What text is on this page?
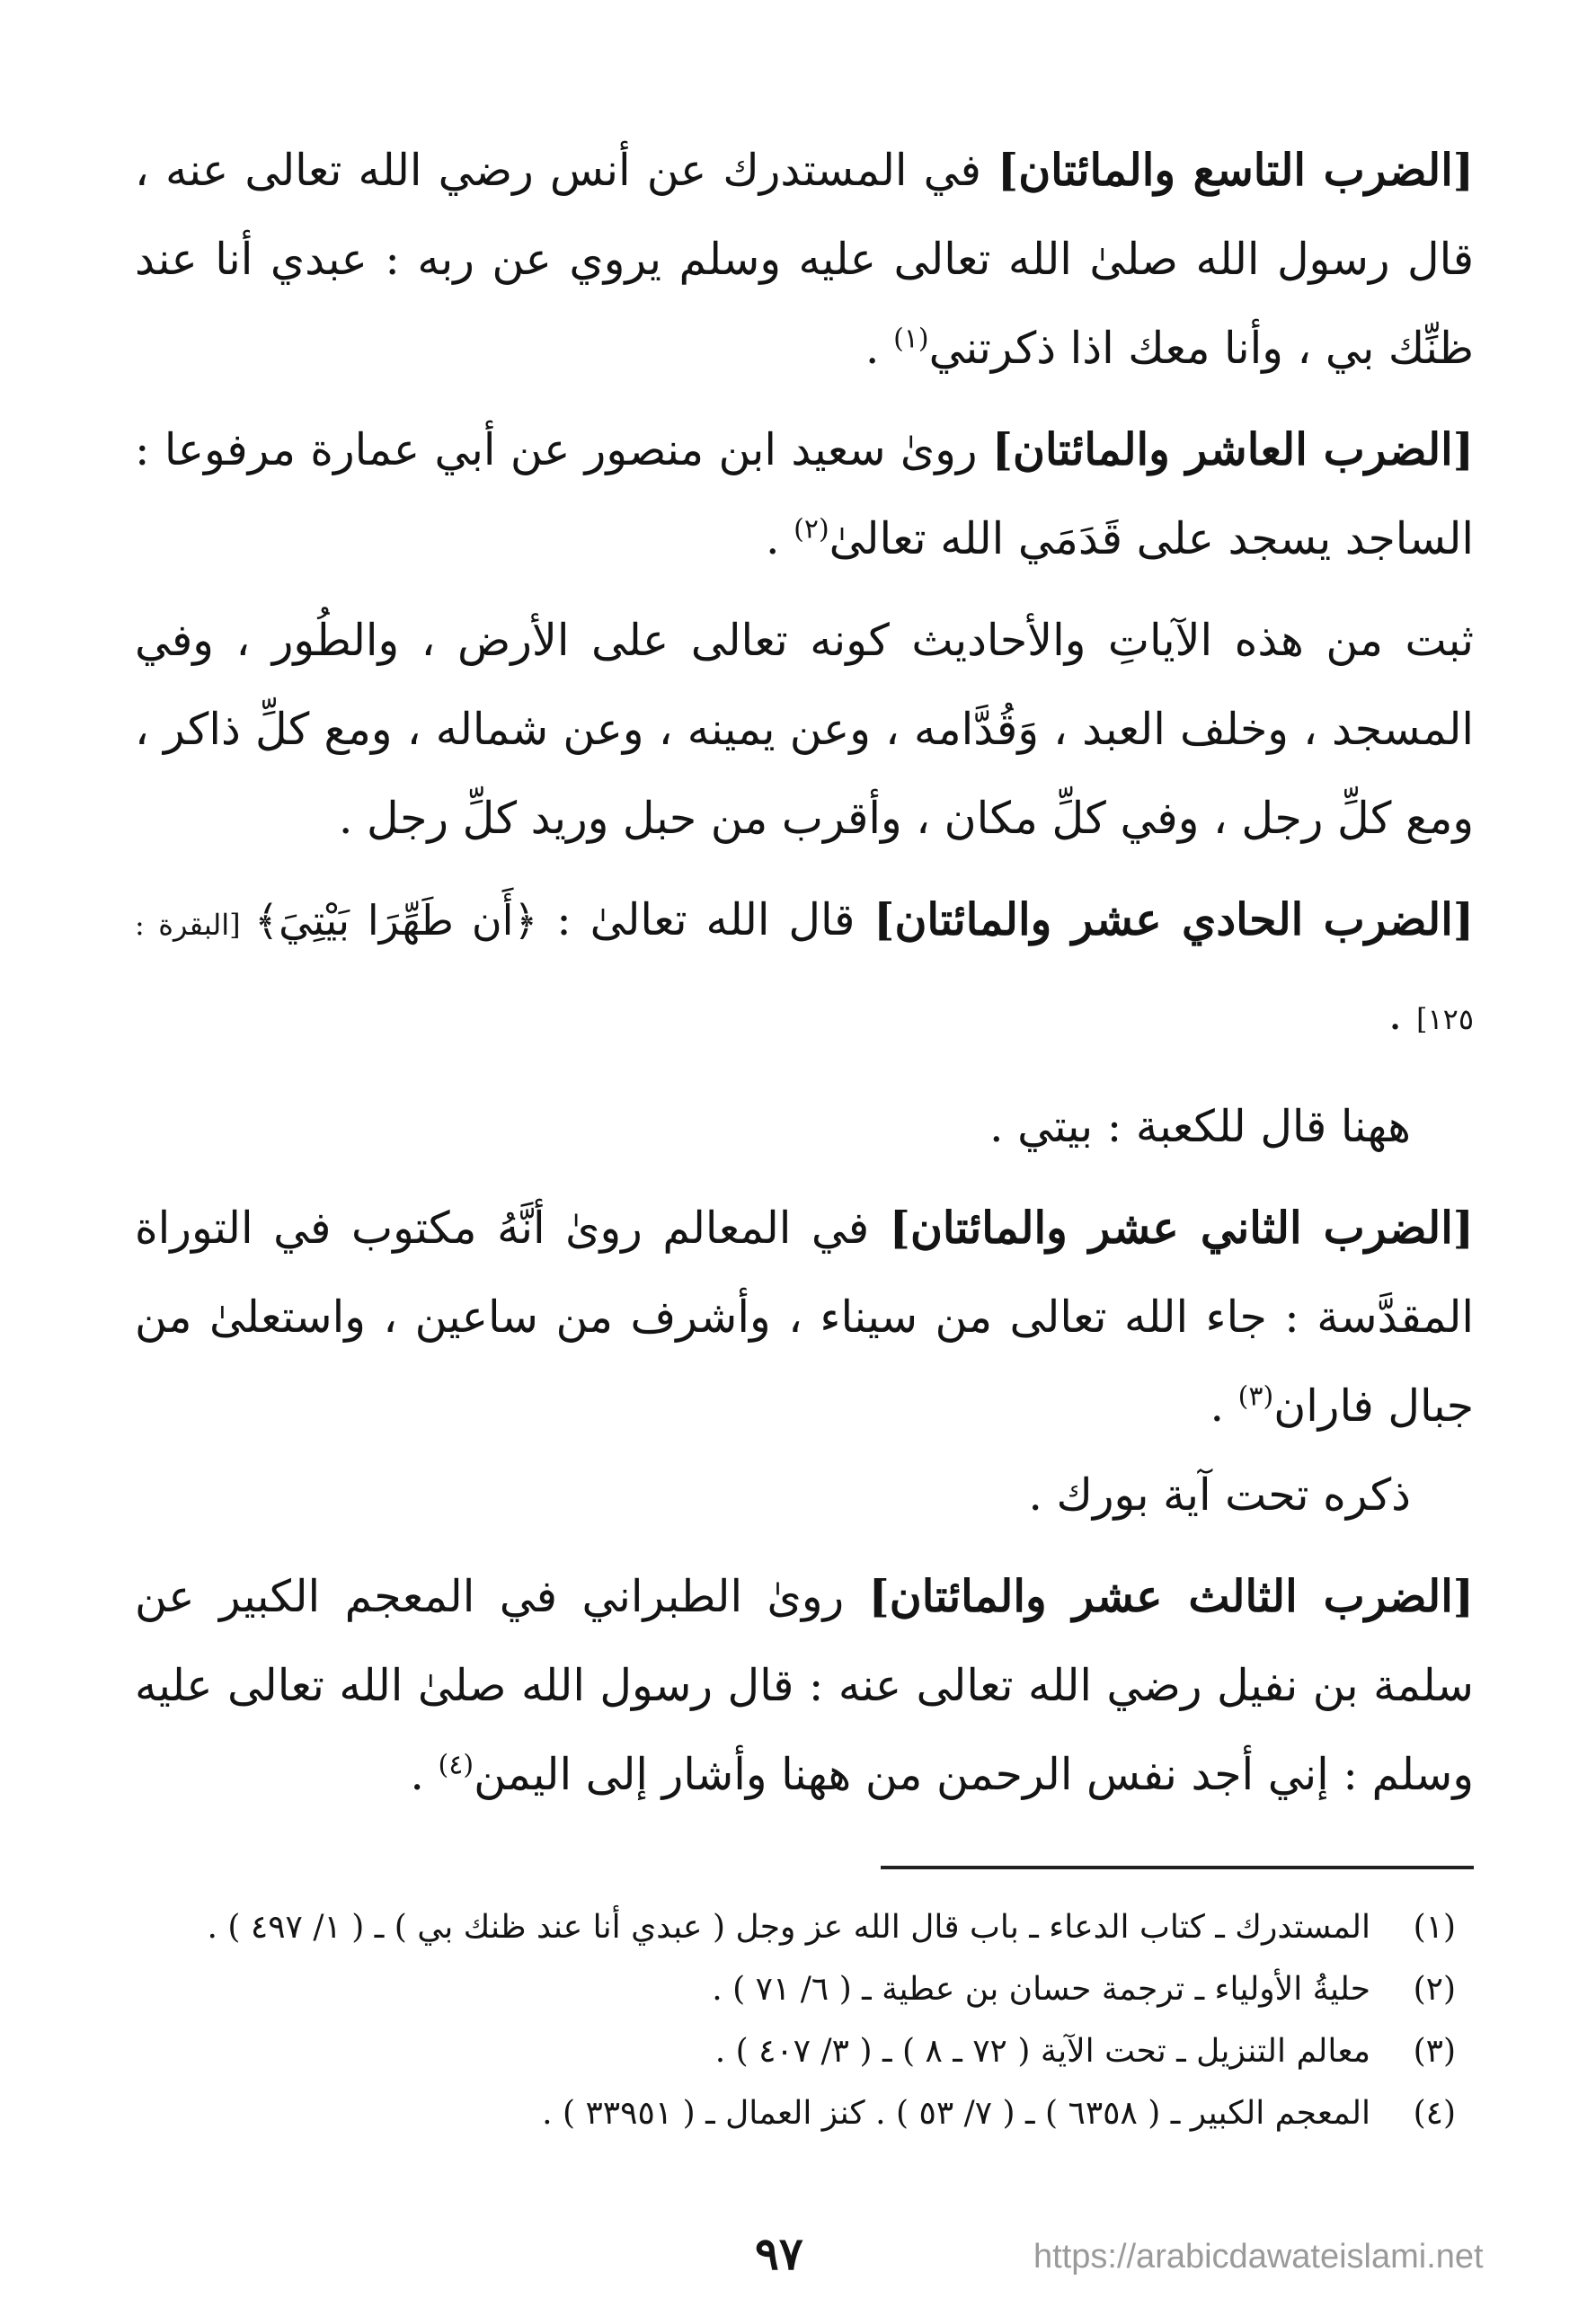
[الضرب التاسع والمائتان] في المستدرك عن أنس رضي الله تعالى عنه ، قال رسول الله صلىٰ الله تعالى عليه وسلم يروي عن ربه : عبدي أنا عند ظنِّك بي ، وأنا معك اذا ذكرتني$^{(١)}$ .

[الضرب العاشر والمائتان] روىٰ سعيد ابن منصور عن أبي عمارة مرفوعا : الساجد يسجد على قَدَمَي الله تعالىٰ$^{(٢)}$ .

ثبت من هذه الآياتِ والأحاديث كونه تعالى على الأرض ، والطُور ، وفي المسجد ، وخلف العبد ، وَقُدَّامه ، وعن يمينه ، وعن شماله ، ومع كلِّ ذاكر ، ومع كلِّ رجل ، وفي كلِّ مكان ، وأقرب من حبل وريد كلِّ رجل .

[الضرب الحادي عشر والمائتان] قال الله تعالىٰ : ﴿أَن طَهِّرَا بَيْتِيَ﴾ [البقرة : ١٢٥] .

ههنا قال للكعبة : بيتي .

[الضرب الثاني عشر والمائتان] في المعالم روىٰ أنَّهُ مكتوب في التوراة المقدَّسة : جاء الله تعالى من سيناء ، وأشرف من ساعين ، واستعلىٰ من جبال فاران$^{(٣)}$ .

ذكره تحت آية بورك .

[الضرب الثالث عشر والمائتان] روىٰ الطبراني في المعجم الكبير عن سلمة بن نفيل رضي الله تعالى عنه : قال رسول الله صلىٰ الله تعالى عليه وسلم : إني أجد نفس الرحمن من ههنا وأشار إلى اليمن$^{(٤)}$ .

(١)
المستدرك ـ كتاب الدعاء ـ باب قال الله عز وجل ( عبدي أنا عند ظنك بي ) ـ ( ١/ ٤٩٧ ) .
(٢)
حليةُ الأولياء ـ ترجمة حسان بن عطية ـ ( ٦/ ٧١ ) .
(٣)
معالم التنزيل ـ تحت الآية ( ٧٢ ـ ٨ ) ـ ( ٣/ ٤٠٧ ) .
(٤)
المعجم الكبير ـ ( ٦٣٥٨ ) ـ ( ٧/ ٥٣ ) . كنز العمال ـ ( ٣٣٩٥١ ) .
٩٧	https://arabicdawateislami.net
